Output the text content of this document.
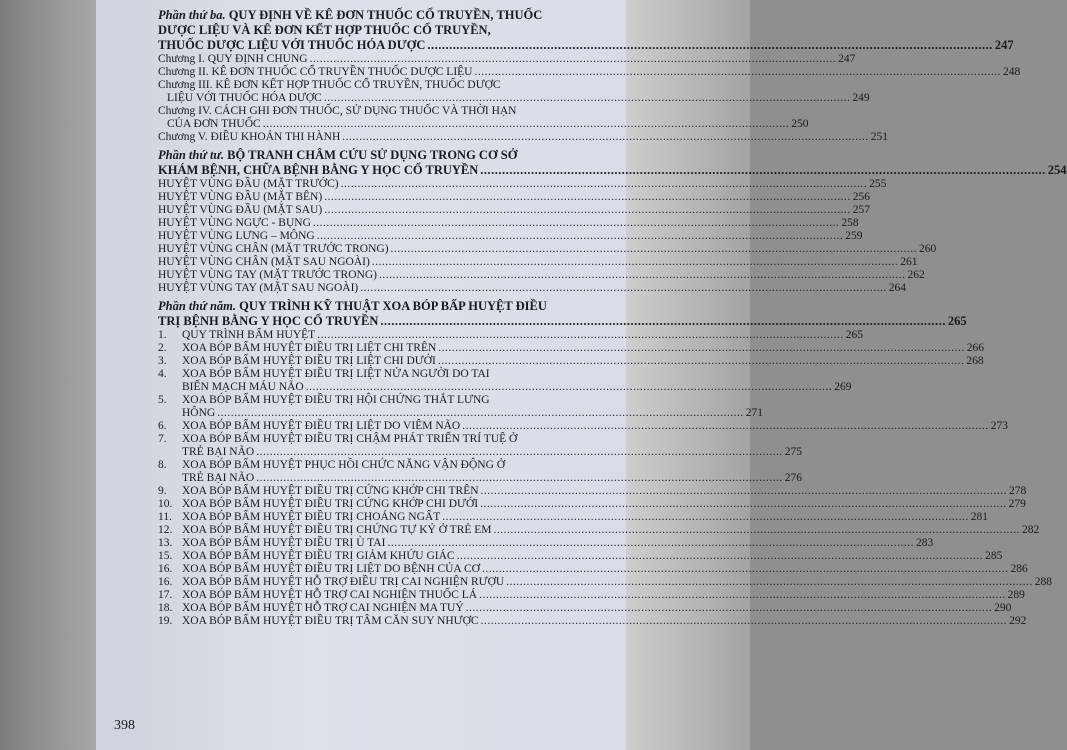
Phần thứ ba. QUY ĐỊNH VỀ KÊ ĐƠN THUỐC CỔ TRUYỀN, THUỐC
DƯỢC LIỆU VÀ KÊ ĐƠN KẾT HỢP THUỐC CỔ TRUYỀN,
THUỐC DƯỢC LIỆU VỚI THUỐC HÓA DƯỢC .....	247
Chương I. QUY ĐỊNH CHUNG .....	247
Chương II. KÊ ĐƠN THUỐC CỔ TRUYỀN THUỐC DƯỢC LIỆU .....	248
Chương III. KÊ ĐƠN KẾT HỢP THUỐC CỔ TRUYỀN, THUỐC DƯỢC
LIỆU VỚI THUỐC HÓA DƯỢC .....	249
Chương IV. CÁCH GHI ĐƠN THUỐC, SỬ DỤNG THUỐC VÀ THỜI HẠN
CỦA ĐƠN THUỐC .....	250
Chương V. ĐIỀU KHOẢN THI HÀNH .....	251
Phần thứ tư. BỘ TRANH CHÂM CỨU SỬ DỤNG TRONG CƠ SỞ
KHÁM BỆNH, CHỮA BỆNH BẰNG Y HỌC CỔ TRUYỀN .....	254
HUYỆT VÙNG ĐẦU (MẶT TRƯỚC) .....	255
HUYỆT VÙNG ĐẦU (MẶT BÊN) .....	256
HUYỆT VÙNG ĐẦU (MẶT SAU) .....	257
HUYỆT VÙNG NGỰC - BỤNG .....	258
HUYỆT VÙNG LƯNG – MÔNG .....	259
HUYỆT VÙNG CHÂN (MẶT TRƯỚC TRONG) .....	260
HUYỆT VÙNG CHÂN (MẶT SAU NGOÀI) .....	261
HUYỆT VÙNG TAY (MẶT TRƯỚC TRONG) .....	262
HUYỆT VÙNG TAY (MẶT SAU NGOÀI) .....	264
Phần thứ năm. QUY TRÌNH KỸ THUẬT XOA BÓP BẤP HUYỆT ĐIỀU
TRỊ BỆNH BẰNG Y HỌC CỔ TRUYỀN .....	265
1. QUY TRÌNH BẤM HUYỆT .....	265
2. XOA BÓP BẤM HUYỆT ĐIỀU TRỊ LIỆT CHI TRÊN .....	266
3. XOA BÓP BẤM HUYỆT ĐIỀU TRỊ LIỆT CHI DƯỚI .....	268
4. XOA BÓP BẤM HUYỆT ĐIỀU TRỊ LIỆT NỬA NGƯỜI DO TAI
BIẾN MẠCH MÁU NÃO .....	269
5. XOA BÓP BẤM HUYỆT ĐIỀU TRỊ HỘI CHỨNG THẮT LƯNG
HÔNG .....	271
6. XOA BÓP BẤM HUYỆT ĐIỀU TRỊ LIỆT DO VIÊM NÃO .....	273
7. XOA BÓP BẤM HUYỆT ĐIỀU TRỊ CHẬM PHÁT TRIỂN TRÍ TUỆ Ở
TRẺ BẠI NÃO .....	275
8. XOA BÓP BẤM HUYỆT PHỤC HỒI CHỨC NĂNG VẬN ĐỘNG Ở
TRẺ BẠI NÃO .....	276
9. XOA BÓP BẤM HUYỆT ĐIỀU TRỊ CỨNG KHỚP CHI TRÊN .....	278
10. XOA BÓP BẤM HUYỆT ĐIỀU TRỊ CỨNG KHỚP CHI DƯỚI .....	279
11. XOA BÓP BẤM HUYỆT ĐIỀU TRỊ CHOÁNG NGẤT .....	281
12. XOA BÓP BẤM HUYỆT ĐIỀU TRỊ CHỨNG TỰ KỶ Ở TRẺ EM .....	282
13. XOA BÓP BẤM HUYỆT ĐIỀU TRỊ Ù TAI .....	283
15. XOA BÓP BẤM HUYỆT ĐIỀU TRỊ GIẢM KHỨU GIÁC .....	285
16. XOA BÓP BẤM HUYỆT ĐIỀU TRỊ LIỆT DO BỆNH CỦA CƠ .....	286
16. XOA BÓP BẤM HUYỆT HỖ TRỢ ĐIỀU TRỊ CAI NGHIỆN RƯỢU .....	288
17. XOA BÓP BẤM HUYỆT HỖ TRỢ CAI NGHIỆN THUỐC LÁ .....	289
18. XOA BÓP BẤM HUYỆT HỖ TRỢ CAI NGHIỆN MA TUÝ .....	290
19. XOA BÓP BẤM HUYỆT ĐIỀU TRỊ TÂM CĂN SUY NHƯỢC .....	292
398
